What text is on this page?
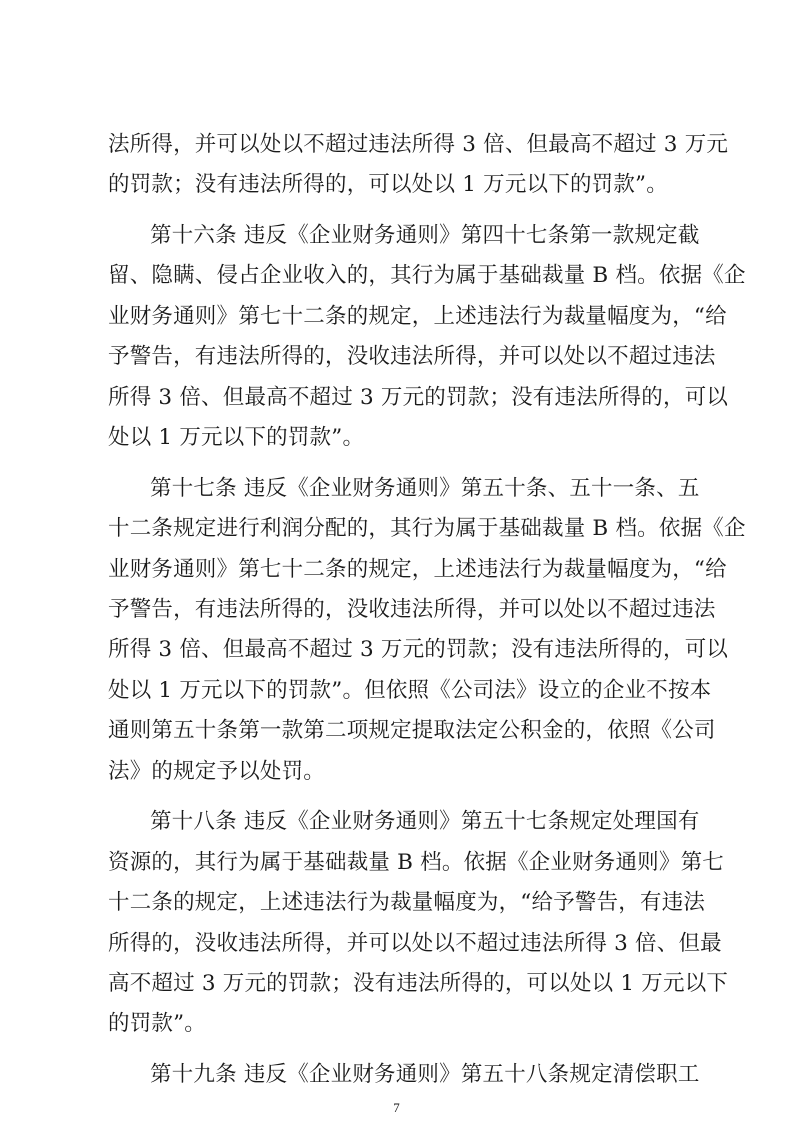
法所得，并可以处以不超过违法所得 3 倍、但最高不超过 3 万元
的罚款；没有违法所得的，可以处以 1 万元以下的罚款”。
第十六条 违反《企业财务通则》第四十七条第一款规定截
留、隐瞒、侵占企业收入的，其行为属于基础裁量 B 档。依据《企
业财务通则》第七十二条的规定，上述违法行为裁量幅度为，“给
予警告，有违法所得的，没收违法所得，并可以处以不超过违法
所得 3 倍、但最高不超过 3 万元的罚款；没有违法所得的，可以
处以 1 万元以下的罚款”。
第十七条 违反《企业财务通则》第五十条、五十一条、五
十二条规定进行利润分配的，其行为属于基础裁量 B 档。依据《企
业财务通则》第七十二条的规定，上述违法行为裁量幅度为，“给
予警告，有违法所得的，没收违法所得，并可以处以不超过违法
所得 3 倍、但最高不超过 3 万元的罚款；没有违法所得的，可以
处以 1 万元以下的罚款”。但依照《公司法》设立的企业不按本
通则第五十条第一款第二项规定提取法定公积金的，依照《公司
法》的规定予以处罚。
第十八条 违反《企业财务通则》第五十七条规定处理国有
资源的，其行为属于基础裁量 B 档。依据《企业财务通则》第七
十二条的规定，上述违法行为裁量幅度为，“给予警告，有违法
所得的，没收违法所得，并可以处以不超过违法所得 3 倍、但最
高不超过 3 万元的罚款；没有违法所得的，可以处以 1 万元以下
的罚款”。
第十九条 违反《企业财务通则》第五十八条规定清偿职工
7
